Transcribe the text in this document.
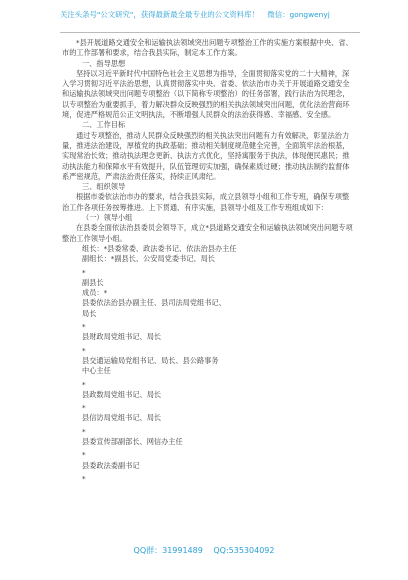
关注头条号"公文研究"，获得最新最全最专业的公文资料库！ 微信：gongwenyj

*县开展道路交通安全和运输执法领域突出问题专项整治工作的实施方案根据中央、省、市的工作部署和要求，结合我县实际，制定本工作方案。

一、指导思想

坚持以习近平新时代中国特色社会主义思想为指导，全面贯彻落实党的二十大精神，深入学习贯彻习近平法治思想，认真贯彻落实中央、省委、依法治市办关于开展道路交通安全和运输执法领域突出问题专项整治（以下简称专项整治）的任务部署，践行法治为民理念，以专项整治为重要抓手，着力解决群众反映强烈的相关执法领域突出问题，优化法治营商环境，促进严格规范公正文明执法，不断增强人民群众的法治获得感、幸福感、安全感。

二、工作目标

通过专项整治，推动人民群众反映强烈的相关执法突出问题有力有效解决，彰显法治力量，推进法治建设，厚植党的执政基础；推动相关制度规范健全完善，全面筑牢法治根基，实现常治长效；推动执法理念更新、执法方式优化，坚持寓服务于执法，体现便民惠民；推动执法能力和保障水平有效提升，队伍管理切实加强，确保素质过硬；推动执法制约监督体系严密规范，严肃法治责任落实，持续正风肃纪。

三、组织领导

根据市委依法治市办的要求，结合我县实际，成立县领导小组和工作专班，确保专项整治工作各项任务按筹推进。上下贯通、有序实施，县领导小组及工作专班组成如下：

（一）领导小组

在县委全面依法治县委员会领导下，成立*县道路交通安全和运输执法领域突出问题专项整治工作领导小组。

组长：*县委常委、政法委书记、依法治县办主任

副组长：*副县长、公安局党委书记、局长

*

副县长

成员：*

县委依法治县办副主任、县司法局党组书记、

局长

*

县财政局党组书记、局长

*

县交通运输局党组书记、局长、县公路事务

中心主任

*

县政数局党组书记、局长

*

县信访局党组书记、局长

*

县委宣传部副部长、网信办主任

*

县委政法委副书记

*

QQ群：31991489 QQ:535304092
